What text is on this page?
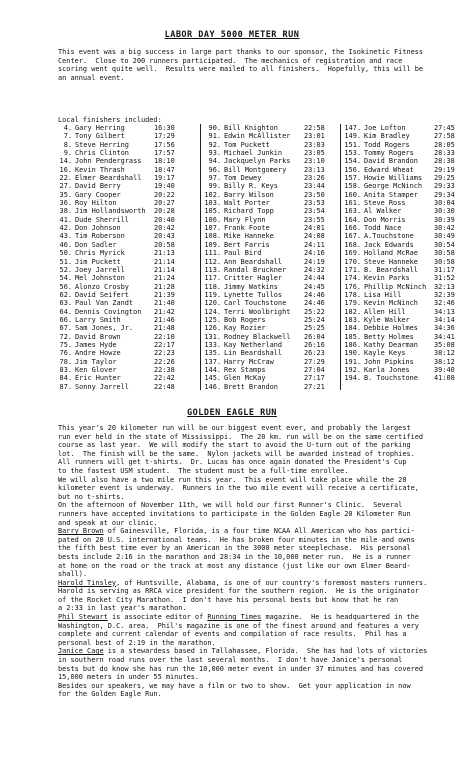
LABOR DAY 5000 METER RUN
This event was a big success in large part thanks to our sponsor, the Isokinetic Fitness
Center.  Close to 200 runners participated.  The mechanics of registration and race
scoring went quite well.  Results were mailed to all finishers.  Hopefully, this will be
an annual event.
Local finishers included:
4. Gary Herring	16:30
7. Tony Gilbert	17:29
8. Steve Herring	17:56
9. Chris Clinton	17:57
14. John Pendergrass 18:10
16. Kevin Thrash	18:47
22. Elmer Beardshall 19:17
27. David Berry	19:40
35. Gary Cooper	20:22
36. Roy Hilton	20:27
38. Jim Hollandsworth 20:28
41. Dude Sherrill	20:40
42. Don Johnson	20:42
43. Tim Roberson	20:43
46. Don Sadler	20:58
50. Chris Myrick	21:13
51. Jim Puckett	21:14
52. Joey Jarrell	21:14
54. Mel Johnston	21:24
56. Alonzo Crosby	21:28
62. David Seifert	21:39
63. Paul Van Zandt	21:40
64. Dennis Covington 21:42
66. Larry Smith	21:46
67. Sam Jones, Jr.	21:48
72. David Brown	22:10
75. James Hyde	22:17
76. Andre Howze	22:23
78. Jim Taylor	22:26
83. Ken Glover	22:38
84. Eric Hunter	22:42
87. Sonny Jarrell	22:48
90. Bill Knighton	22:58
91. Edwin McAllister 23:01
92. Tom Puckett	23:03
93. Michael Junkin	23:05
94. Jackquelyn Parks 23:10
96. Bill Montgomery	23:13
97. Tom Dewey	23:26
99. Billy R. Keys	23:44
102. Barry Wilson	23:50
103. Walt Porter	23:53
105. Richard Topp	23:54
106. Mary Flynn	23:55
107. Frank Foote	24:01
108. Mike Hanneke	24:08
109. Bert Farris	24:11
111. Paul Bird	24:16
112. Ann Beardshall	24:19
113. Randal Bruckner	24:32
117. Critter Hagler	24:44
118. Jimmy Watkins	24:45
119. Lynette Tullos	24:46
120. Carl Touchstone	24:46
124. Terri Woolbright 25:22
125. Bob Rogers	25:24
126. Kay Rozier	25:25
131. Rodney Blackwell 26:04
133. Kay Netherland	26:16
135. Lin Beardshall	26:23
137. Harry McCraw	27:29
144. Rex Stamps	27:04
145. Glen McKay	27:17
146. Brett Brandon	27:21
147. Joe Lofton	27:45
149. Kim Bradley	27:58
151. Todd Rogers	28:05
153. Tommy Rogers	28:33
154. David Brandon 28:38
156. Edward Wheat	29:19
157. Howie Williams 29:25
158. George McNinch 29:33
160. Anita Stamper 29:34
161. Steve Ross	30:04
163. Al Walker	30:30
164. Don Morris	30:39
166. Todd Nace	30:42
167. A.Touchstone	30:49
168. Jack Edwards	30:54
169. Holland McRae 30:58
170. Steve Hanneke 30:58
171. B. Beardshall 31:17
174. Kevin Parks	31:52
176. Phillip McNinch 32:13
178. Lisa Hill	32:39
179. Kevin McNinch 32:46
182. Allen Hill	34:13
183. Kyle Walker	34:14
184. Debbie Holmes 34:36
185. Betty Holmes	34:41
186. Kathy Dearman 35:08
190. Kayle Keys	38:12
191. John Pipkins	38:12
192. Karla Jones	39:40
194. B. Touchstone 41:08
GOLDEN EAGLE RUN
This year's 20 kilometer run will be our biggest event ever, and probably the largest
run ever held in the state of Mississippi.  The 20 km. run will be on the same certified
course as last year.  We will modify the start to avoid the U-turn out of the parking
lot.  The finish will be the same.  Nylon jackets will be awarded instead of trophies.
All runners will get t-shirts.  Dr. Lucas has once again donated the President's Cup
to the fastest USM student.  The student must be a full-time enrollee.
We will also have a two mile run this year.  This event will take place while the 20
kilometer event is underway.  Runners in the two mile event will receive a certificate,
but no t-shirts.
On the afternoon of November 11th, we will hold our first Runner's Clinic.  Several
runners have accepted invitations to participate in the Golden Eagle 20 Kilometer Run
and speak at our clinic.
Barry Brown of Gainesville, Florida, is a four time NCAA All American who has partici-
pated on 20 U.S. international teams.  He has broken four minutes in the mile and owns
the fifth best time ever by an American in the 3000 meter steeplechase.  His personal
bests include 2:16 in the marathon and 28:34 in the 10,000 meter run.  He is a runner
at home on the road or the track at most any distance (just like our own Elmer Beard-
shall).
Harold Tinsley, of Huntsville, Alabama, is one of our country's foremost masters runners.
Harold is serving as RRCA vice president for the southern region.  He is the originator
of the Rocket City Marathon.  I don't have his personal bests but know that he ran
a 2:33 in last year's marathon.
Phil Stewart is associate editor of Running Times magazine.  He is headquartered in the
Washington, D.C. area.  Phil's magazine is one of the finest around and features a very
complete and current calendar of events and compilation of race results.  Phil has a
personal best of 2:19 in the marathon.
Janice Cage is a stewardess based in Tallahassee, Florida.  She has had lots of victories
in southern road runs over the last several months.  I don't have Janice's personal
bests but do know she has run the 10,000 meter event in under 37 minutes and has covered
15,000 meters in under 55 minutes.
Besides our speakers, we may have a film or two to show.  Get your application in now
for the Golden Eagle Run.
